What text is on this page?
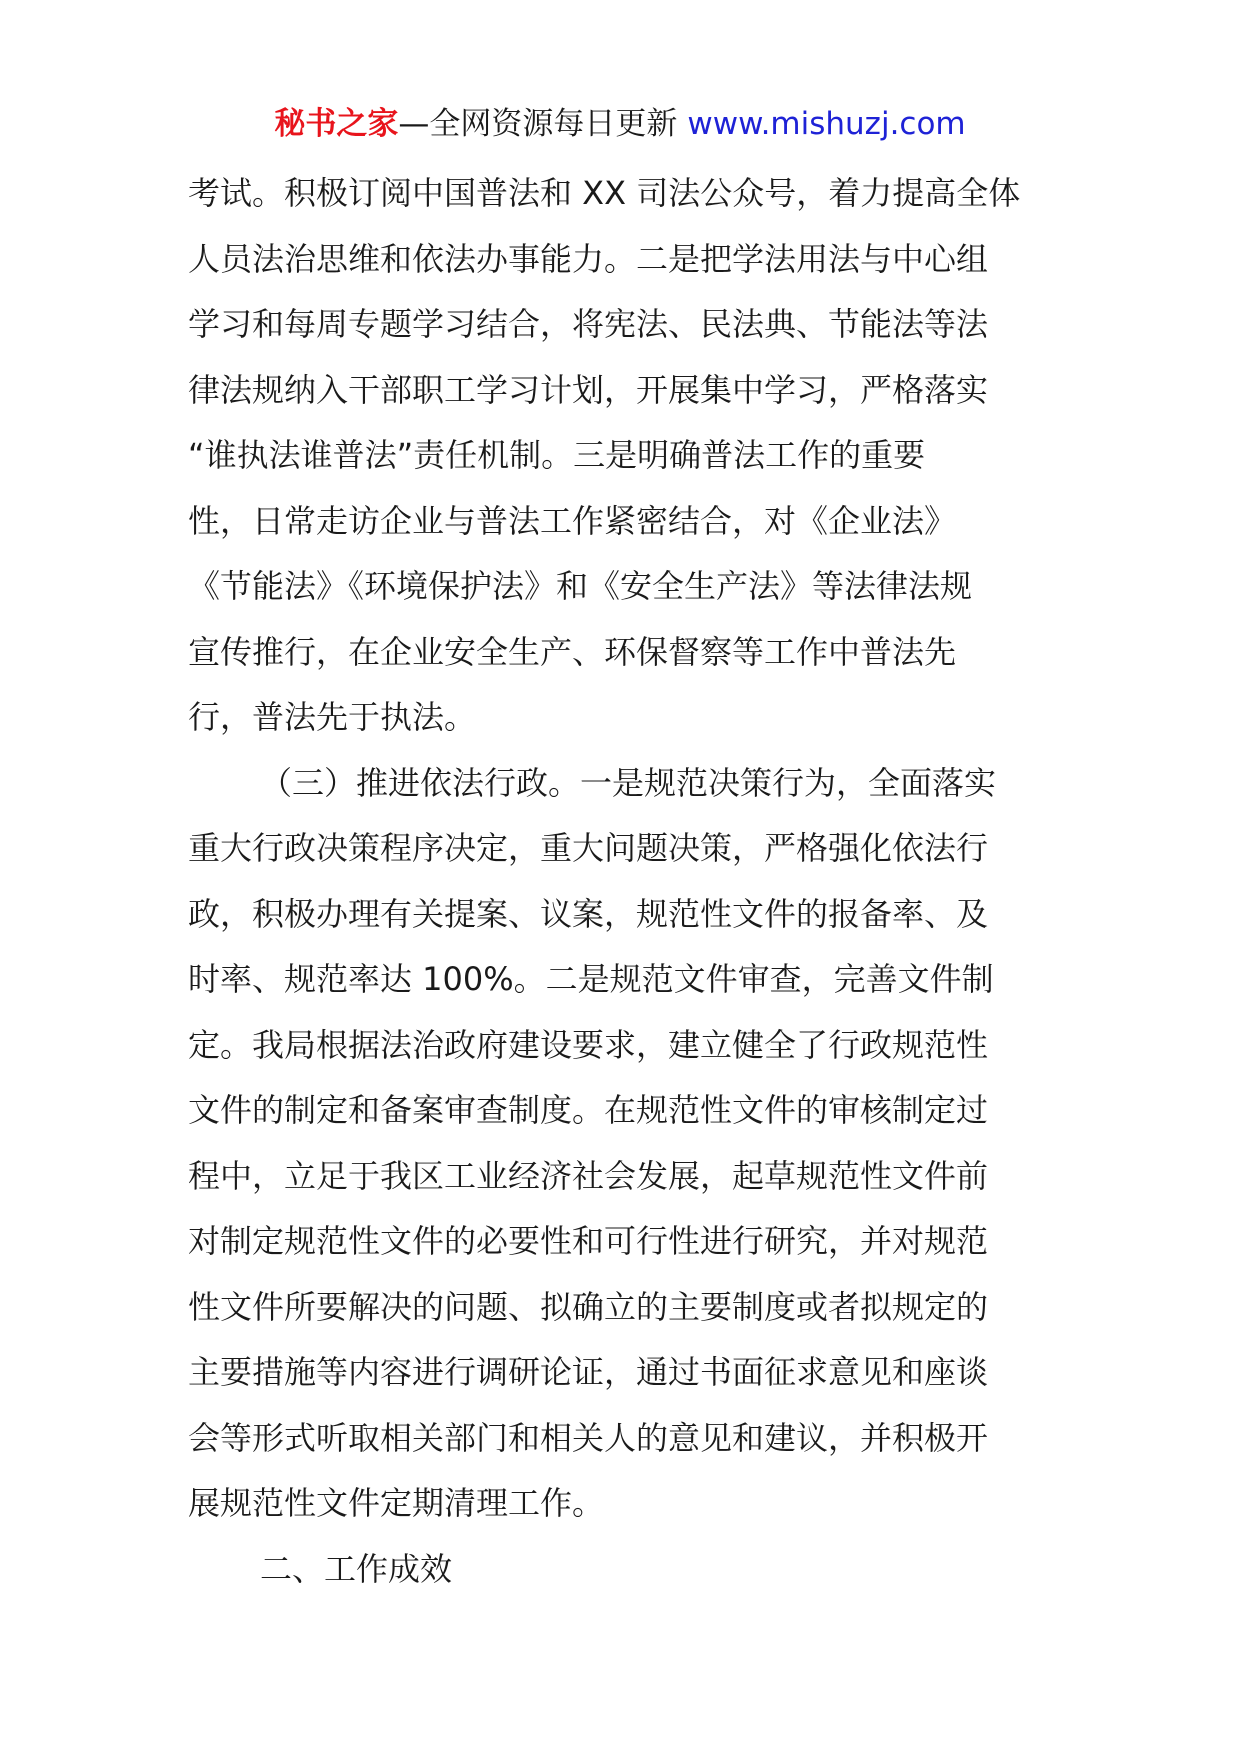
秘书之家—全网资源每日更新 www.mishuzj.com
考试。积极订阅中国普法和 XX 司法公众号，着力提高全体
人员法治思维和依法办事能力。二是把学法用法与中心组
学习和每周专题学习结合，将宪法、民法典、节能法等法
律法规纳入干部职工学习计划，开展集中学习，严格落实
“谁执法谁普法”责任机制。三是明确普法工作的重要
性，日常走访企业与普法工作紧密结合，对《企业法》
《节能法》《环境保护法》和《安全生产法》等法律法规
宣传推行，在企业安全生产、环保督察等工作中普法先
行，普法先于执法。
（三）推进依法行政。一是规范决策行为，全面落实
重大行政决策程序决定，重大问题决策，严格强化依法行
政，积极办理有关提案、议案，规范性文件的报备率、及
时率、规范率达 100%。二是规范文件审查，完善文件制
定。我局根据法治政府建设要求，建立健全了行政规范性
文件的制定和备案审查制度。在规范性文件的审核制定过
程中，立足于我区工业经济社会发展，起草规范性文件前
对制定规范性文件的必要性和可行性进行研究，并对规范
性文件所要解决的问题、拟确立的主要制度或者拟规定的
主要措施等内容进行调研论证，通过书面征求意见和座谈
会等形式听取相关部门和相关人的意见和建议，并积极开
展规范性文件定期清理工作。
二、工作成效
